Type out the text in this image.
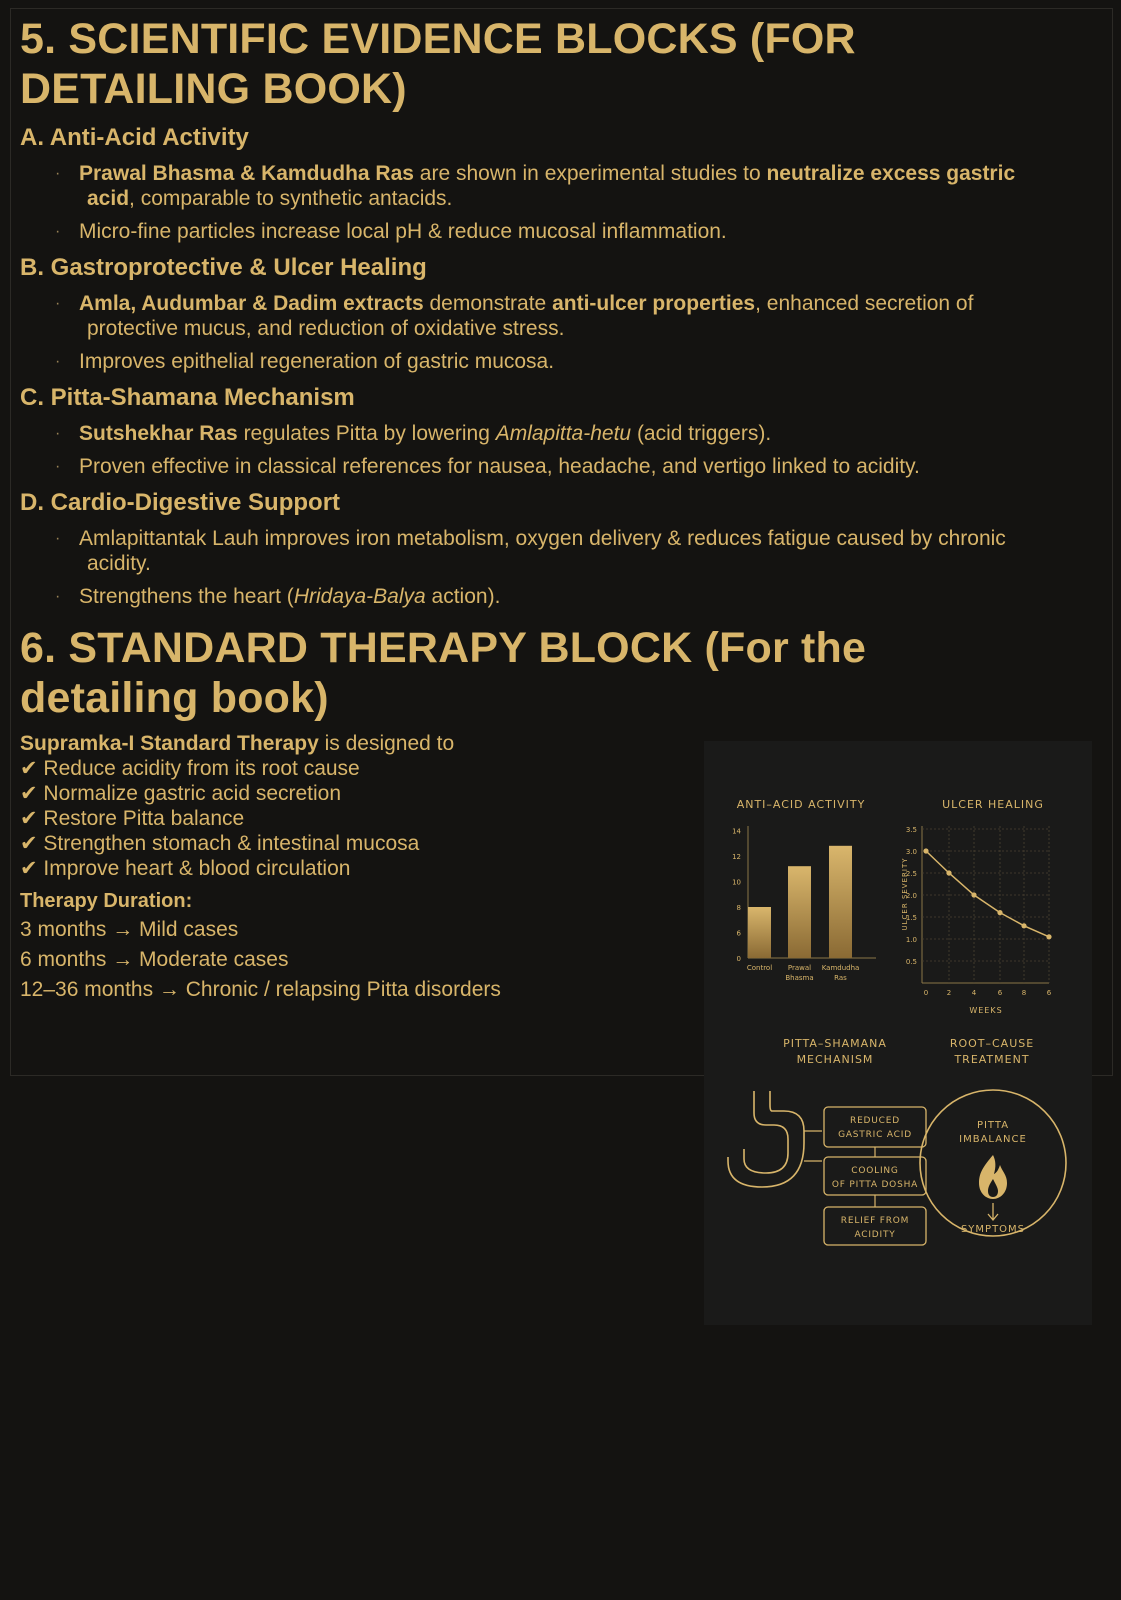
5. SCIENTIFIC EVIDENCE BLOCKS (FOR
DETAILING BOOK)
A. Anti-Acid Activity
· Prawal Bhasma & Kamdudha Ras are shown in experimental studies to neutralize excess gastric
acid, comparable to synthetic antacids.
· Micro-fine particles increase local pH & reduce mucosal inflammation.
B. Gastroprotective & Ulcer Healing
· Amla, Audumbar & Dadim extracts demonstrate anti-ulcer properties, enhanced secretion of
protective mucus, and reduction of oxidative stress.
· Improves epithelial regeneration of gastric mucosa.
C. Pitta-Shamana Mechanism
· Sutshekhar Ras regulates Pitta by lowering Amlapitta-hetu (acid triggers).
· Proven effective in classical references for nausea, headache, and vertigo linked to acidity.
D. Cardio-Digestive Support
· Amlapittantak Lauh improves iron metabolism, oxygen delivery & reduces fatigue caused by chronic
acidity.
· Strengthens the heart (Hridaya-Balya action).
6. STANDARD THERAPY BLOCK (For the
detailing book)

Supramka-I Standard Therapy is designed to

✔ Reduce acidity from its root cause

✔ Normalize gastric acid secretion

✔ Restore Pitta balance

✔ Strengthen stomach & intestinal mucosa

✔ Improve heart & blood circulation

Therapy Duration:

3 months → Mild cases

6 months → Moderate cases

12–36 months → Chronic / relapsing Pitta disorders

ANTI–ACID ACTIVITY
0
6
8
10
12
14
Control Prawal
Bhasma
Kamdudha
Ras
ULCER HEALING
ULCER SEVERITY
WEEKS
0.5
1.0
1.5
2.0
2.5
3.0
3.5
0	2	4	6	8	6
PITTA–SHAMANA
MECHANISM
REDUCED
GASTRIC ACID
COOLING
OF PITTA DOSHA
RELIEF FROM
ACIDITY
ROOT–CAUSE
TREATMENT
PITTA
IMBALANCE
SYMPTOMS
